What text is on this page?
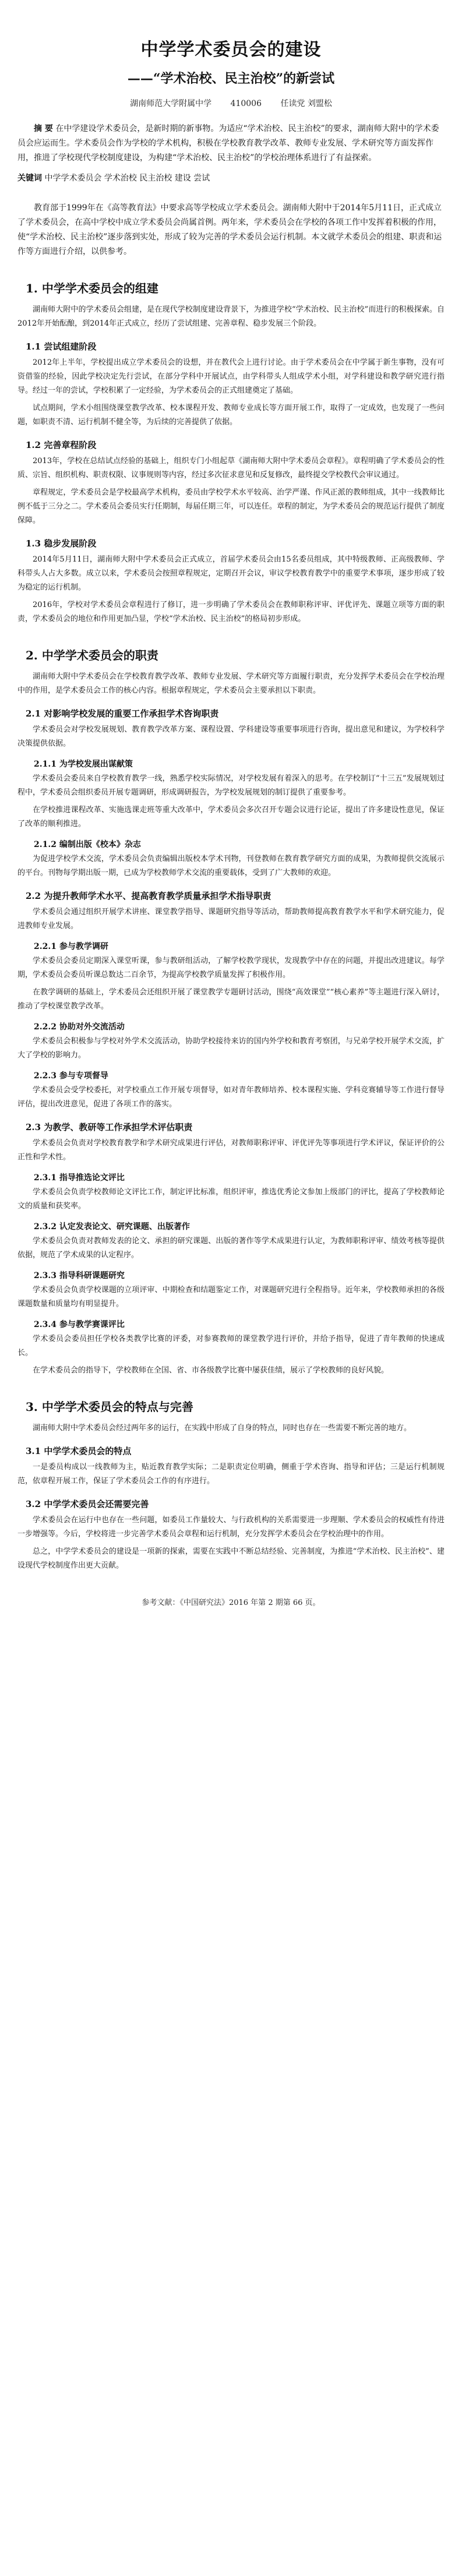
中学学术委员会的建设
——“学术治校、民主治校”的新尝试
湖南师范大学附属中学 410006 任读党 刘盟松
摘 要 在中学建设学术委员会，是新时期的新事物。为适应“学术治校、民主治校”的要求，湖南师大附中的学术委员会应运而生。学术委员会作为学校的学术机构，积极在学校教育教学改革、教师专业发展、学术研究等方面发挥作用，推进了学校现代学校制度建设，为构建“学术治校、民主治校”的学校治理体系进行了有益探索。
关键词 中学学术委员会 学术治校 民主治校 建设 尝试
教育部于1999年在《高等教育法》中要求高等学校成立学术委员会。湖南师大附中于2014年5月11日，正式成立了学术委员会，在高中学校中成立学术委员会尚属首例。两年来，学术委员会在学校的各项工作中发挥着积极的作用，使“学术治校、民主治校”逐步落到实处，形成了较为完善的学术委员会运行机制。本文就学术委员会的组建、职责和运作等方面进行介绍，以供参考。
1. 中学学术委员会的组建
湖南师大附中的学术委员会组建，是在现代学校制度建设背景下，为推进学校“学术治校、民主治校”而进行的积极探索。自2012年开始酝酿，到2014年正式成立，经历了尝试组建、完善章程、稳步发展三个阶段。
1.1 尝试组建阶段
2012年上半年，学校提出成立学术委员会的设想，并在教代会上进行讨论。由于学术委员会在中学属于新生事物，没有可资借鉴的经验，因此学校决定先行尝试，在部分学科中开展试点，由学科带头人组成学术小组，对学科建设和教学研究进行指导。经过一年的尝试，学校积累了一定经验，为学术委员会的正式组建奠定了基础。
试点期间，学术小组围绕课堂教学改革、校本课程开发、教师专业成长等方面开展工作，取得了一定成效，也发现了一些问题，如职责不清、运行机制不健全等，为后续的完善提供了依据。
1.2 完善章程阶段
2013年，学校在总结试点经验的基础上，组织专门小组起草《湖南师大附中学术委员会章程》。章程明确了学术委员会的性质、宗旨、组织机构、职责权限、议事规则等内容，经过多次征求意见和反复修改，最终提交学校教代会审议通过。
章程规定，学术委员会是学校最高学术机构，委员由学校学术水平较高、治学严谨、作风正派的教师组成，其中一线教师比例不低于三分之二。学术委员会委员实行任期制，每届任期三年，可以连任。章程的制定，为学术委员会的规范运行提供了制度保障。
1.3 稳步发展阶段
2014年5月11日，湖南师大附中学术委员会正式成立，首届学术委员会由15名委员组成，其中特级教师、正高级教师、学科带头人占大多数。成立以来，学术委员会按照章程规定，定期召开会议，审议学校教育教学中的重要学术事项，逐步形成了较为稳定的运行机制。
2016年，学校对学术委员会章程进行了修订，进一步明确了学术委员会在教师职称评审、评优评先、课题立项等方面的职责，学术委员会的地位和作用更加凸显，学校“学术治校、民主治校”的格局初步形成。
2. 中学学术委员会的职责
湖南师大附中学术委员会在学校教育教学改革、教师专业发展、学术研究等方面履行职责，充分发挥学术委员会在学校治理中的作用，是学术委员会工作的核心内容。根据章程规定，学术委员会主要承担以下职责。
2.1 对影响学校发展的重要工作承担学术咨询职责
学术委员会对学校发展规划、教育教学改革方案、课程设置、学科建设等重要事项进行咨询，提出意见和建议，为学校科学决策提供依据。
2.1.1 为学校发展出谋献策
学术委员会委员来自学校教育教学一线，熟悉学校实际情况，对学校发展有着深入的思考。在学校制订“十三五”发展规划过程中，学术委员会组织委员开展专题调研，形成调研报告，为学校发展规划的制订提供了重要参考。
在学校推进课程改革、实施选课走班等重大改革中，学术委员会多次召开专题会议进行论证，提出了许多建设性意见，保证了改革的顺利推进。
2.1.2 编制出版《校本》杂志
为促进学校学术交流，学术委员会负责编辑出版校本学术刊物，刊登教师在教育教学研究方面的成果，为教师提供交流展示的平台。刊物每学期出版一期，已成为学校教师学术交流的重要载体，受到了广大教师的欢迎。
2.2 为提升教师学术水平、提高教育教学质量承担学术指导职责
学术委员会通过组织开展学术讲座、课堂教学指导、课题研究指导等活动，帮助教师提高教育教学水平和学术研究能力，促进教师专业发展。
2.2.1 参与教学调研
学术委员会委员定期深入课堂听课，参与教研组活动，了解学校教学现状，发现教学中存在的问题，并提出改进建议。每学期，学术委员会委员听课总数达二百余节，为提高学校教学质量发挥了积极作用。
在教学调研的基础上，学术委员会还组织开展了课堂教学专题研讨活动，围绕“高效课堂”“核心素养”等主题进行深入研讨，推动了学校课堂教学改革。
2.2.2 协助对外交流活动
学术委员会积极参与学校对外学术交流活动，协助学校接待来访的国内外学校和教育考察团，与兄弟学校开展学术交流，扩大了学校的影响力。
2.2.3 参与专项督导
学术委员会受学校委托，对学校重点工作开展专项督导，如对青年教师培养、校本课程实施、学科竞赛辅导等工作进行督导评估，提出改进意见，促进了各项工作的落实。
2.3 为教学、教研等工作承担学术评估职责
学术委员会负责对学校教育教学和学术研究成果进行评估，对教师职称评审、评优评先等事项进行学术评议，保证评价的公正性和学术性。
2.3.1 指导推选论文评比
学术委员会负责学校教师论文评比工作，制定评比标准，组织评审，推选优秀论文参加上级部门的评比，提高了学校教师论文的质量和获奖率。
2.3.2 认定发表论文、研究课题、出版著作
学术委员会负责对教师发表的论文、承担的研究课题、出版的著作等学术成果进行认定，为教师职称评审、绩效考核等提供依据，规范了学术成果的认定程序。
2.3.3 指导科研课题研究
学术委员会负责学校课题的立项评审、中期检查和结题鉴定工作，对课题研究进行全程指导。近年来，学校教师承担的各级课题数量和质量均有明显提升。
2.3.4 参与教学赛课评比
学术委员会委员担任学校各类教学比赛的评委，对参赛教师的课堂教学进行评价，并给予指导，促进了青年教师的快速成长。
在学术委员会的指导下，学校教师在全国、省、市各级教学比赛中屡获佳绩，展示了学校教师的良好风貌。
3. 中学学术委员会的特点与完善
湖南师大附中学术委员会经过两年多的运行，在实践中形成了自身的特点，同时也存在一些需要不断完善的地方。
3.1 中学学术委员会的特点
一是委员构成以一线教师为主，贴近教育教学实际；二是职责定位明确，侧重于学术咨询、指导和评估；三是运行机制规范，依章程开展工作，保证了学术委员会工作的有序进行。
3.2 中学学术委员会还需要完善
学术委员会在运行中也存在一些问题，如委员工作量较大、与行政机构的关系需要进一步理顺、学术委员会的权威性有待进一步增强等。今后，学校将进一步完善学术委员会章程和运行机制，充分发挥学术委员会在学校治理中的作用。
总之，中学学术委员会的建设是一项新的探索，需要在实践中不断总结经验、完善制度，为推进“学术治校、民主治校”、建设现代学校制度作出更大贡献。
参考文献：《中国研究法》2016 年第 2 期第 66 页。
